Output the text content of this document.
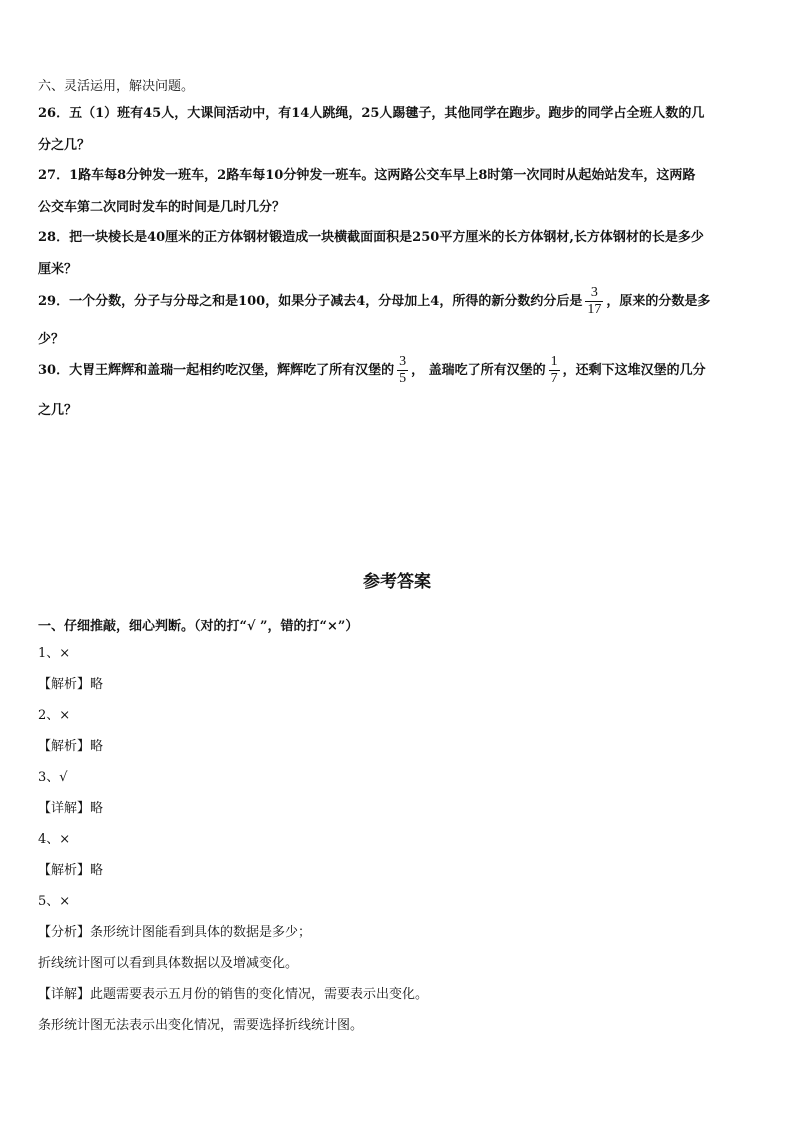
六、灵活运用，解决问题。
26．五（1）班有45人，大课间活动中，有14人跳绳，25人踢毽子，其他同学在跑步。跑步的同学占全班人数的几
分之几？
27．1路车每8分钟发一班车，2路车每10分钟发一班车。这两路公交车早上8时第一次同时从起始站发车，这两路
公交车第二次同时发车的时间是几时几分？
28．把一块棱长是40厘米的正方体钢材锻造成一块横截面面积是250平方厘米的长方体钢材,长方体钢材的长是多少
厘米？
29．一个分数，分子与分母之和是100，如果分子减去4，分母加上4，所得的新分数约分后是 $\frac{3}{17}$ ，原来的分数是多
少？
30．大胃王辉辉和盖瑞一起相约吃汉堡，辉辉吃了所有汉堡的 $\frac{3}{5}$ ， 盖瑞吃了所有汉堡的 $\frac{1}{7}$ ，还剩下这堆汉堡的几分
之几？
参考答案
一、仔细推敲，细心判断。（对的打“√ ”，错的打“×”）
1、×
【解析】略
2、×
【解析】略
3、√
【详解】略
4、×
【解析】略
5、×
【分析】条形统计图能看到具体的数据是多少；
折线统计图可以看到具体数据以及增减变化。
【详解】此题需要表示五月份的销售的变化情况，需要表示出变化。
条形统计图无法表示出变化情况，需要选择折线统计图。
